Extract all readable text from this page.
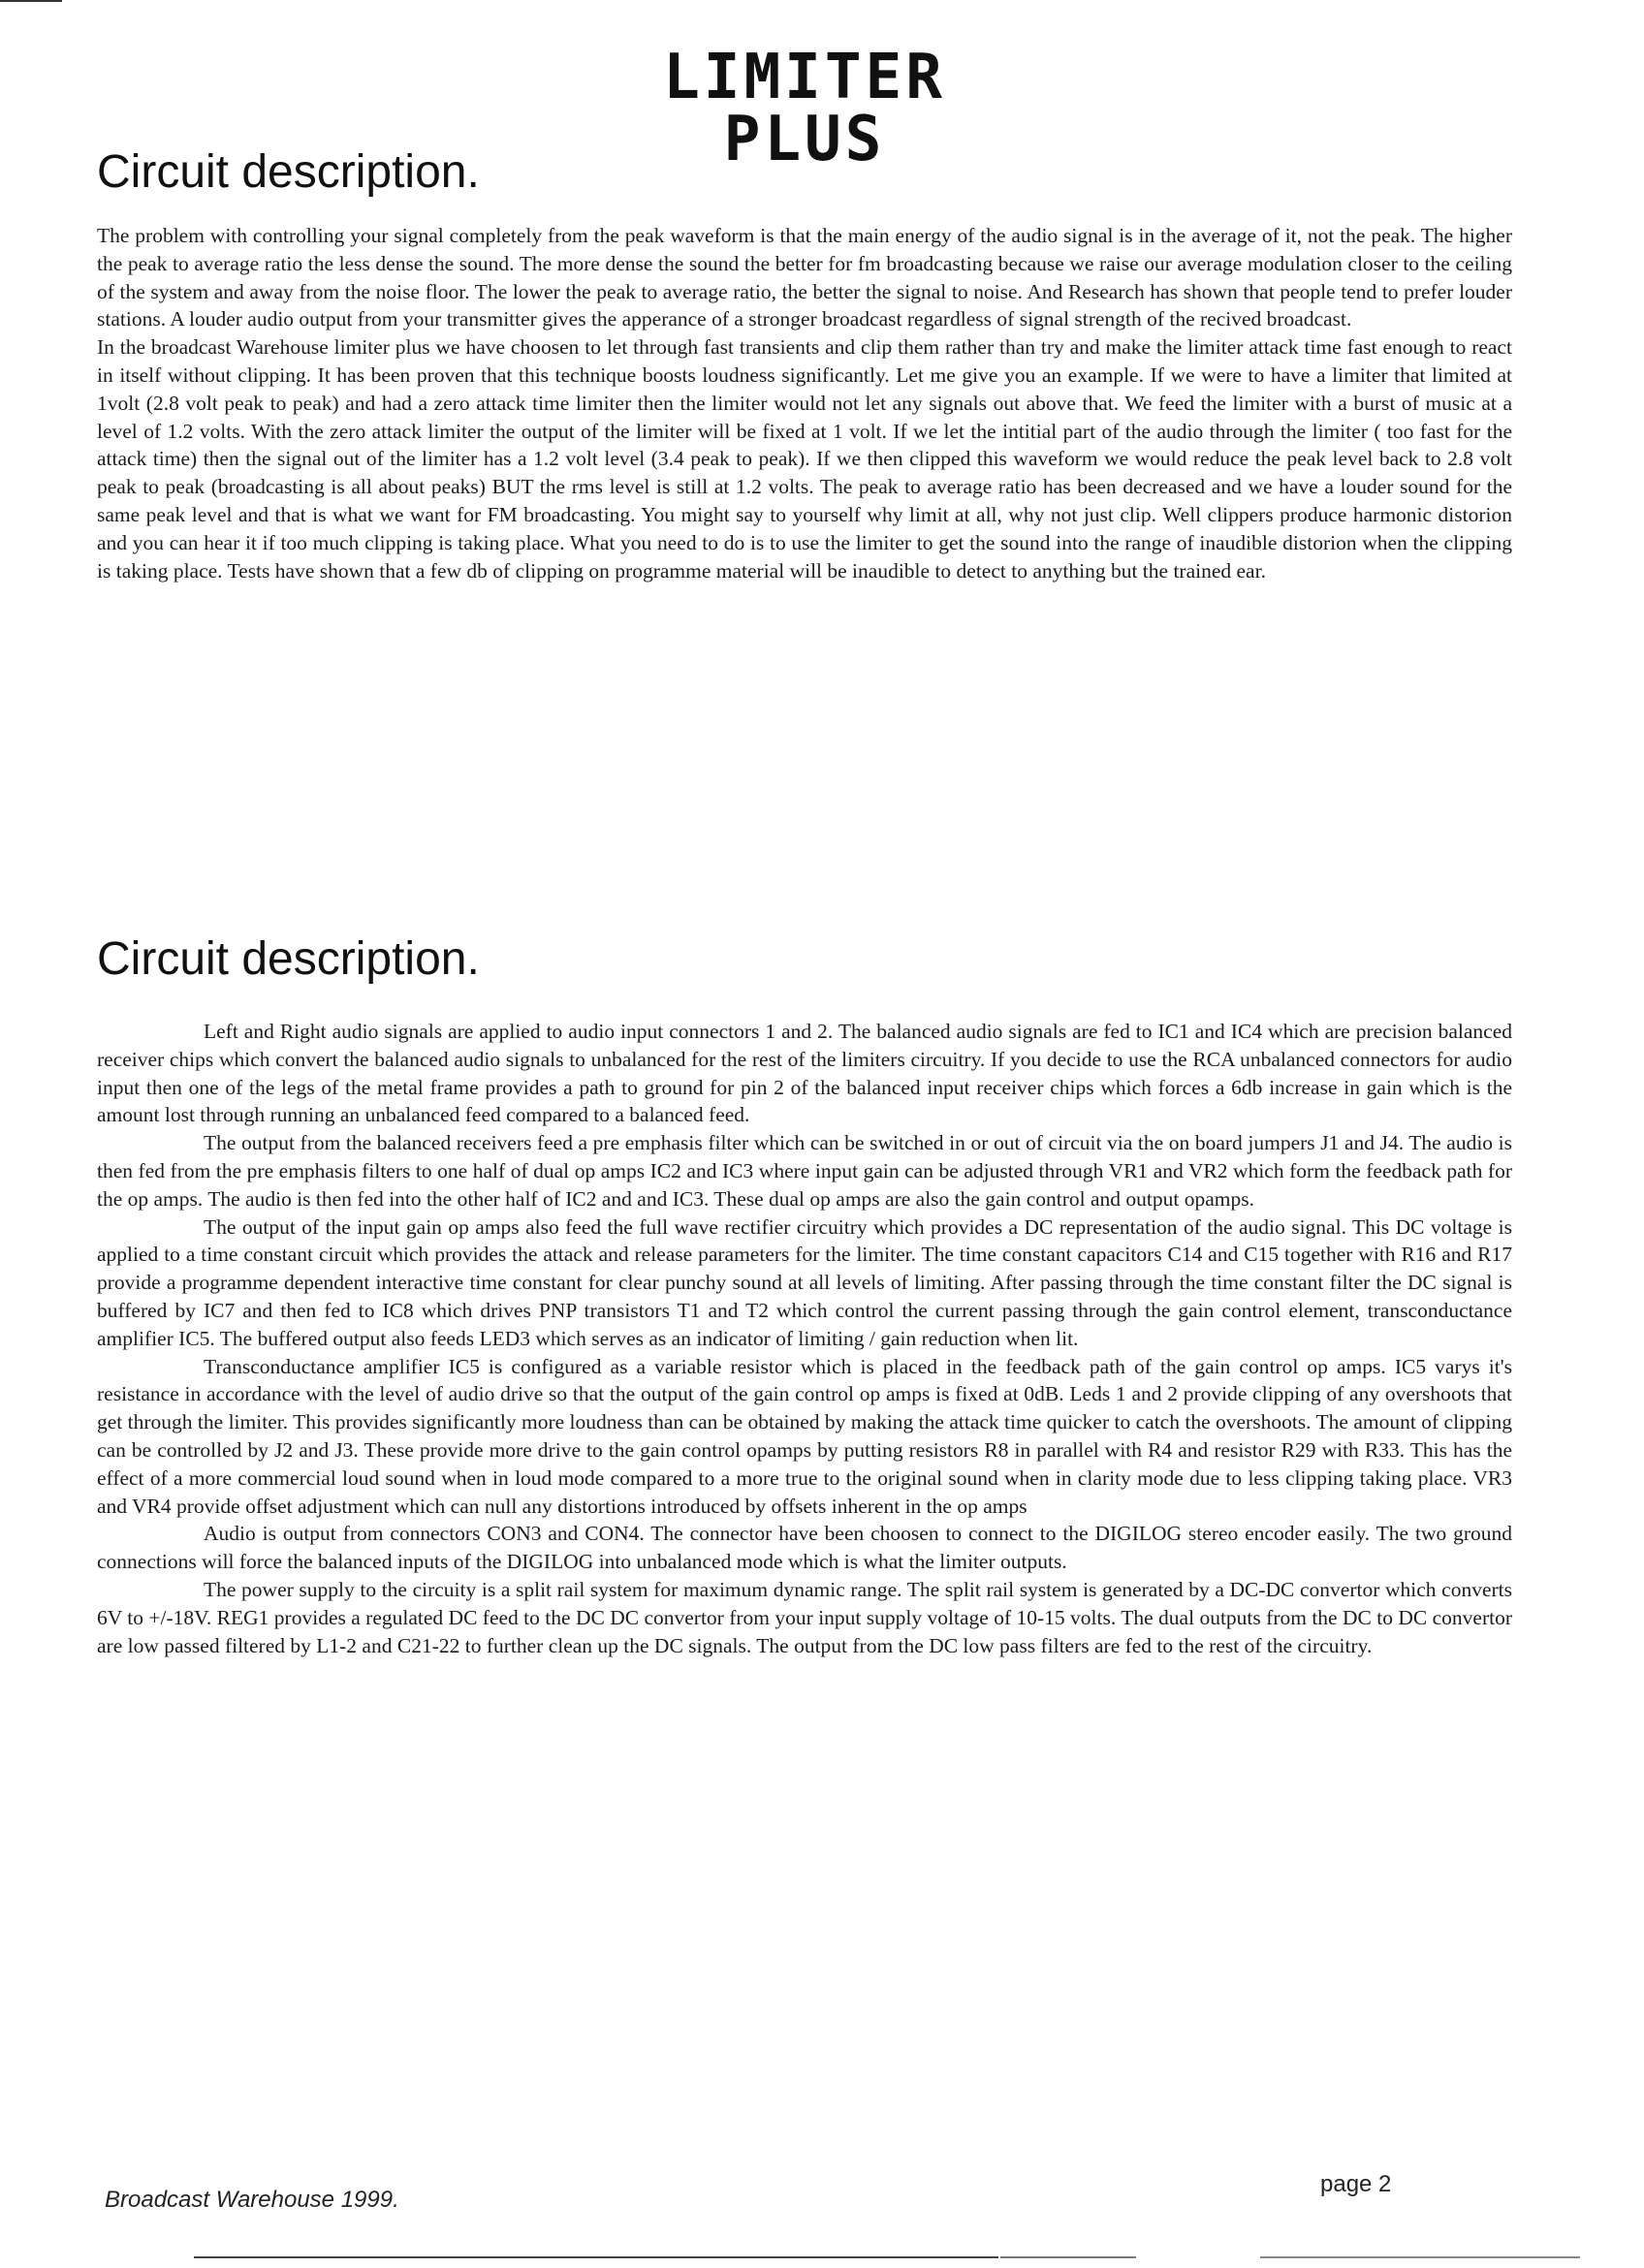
LIMITER PLUS
Circuit description.

The problem with controlling your signal completely from the peak waveform is that the main energy of the audio signal is in the average of it, not the peak. The higher the peak to average ratio the less dense the sound. The more dense the sound the better for fm broadcasting because we raise our average modulation closer to the ceiling of the system and away from the noise floor. The lower the peak to average ratio, the better the signal to noise. And Research has shown that people tend to prefer louder stations. A louder audio output from your transmitter gives the apperance of a stronger broadcast regardless of signal strength of the recived broadcast.

In the broadcast Warehouse limiter plus we have choosen to let through fast transients and clip them rather than try and make the limiter attack time fast enough to react in itself without clipping. It has been proven that this technique boosts loudness significantly. Let me give you an example. If we were to have a limiter that limited at 1volt (2.8 volt peak to peak) and had a zero attack time limiter then the limiter would not let any signals out above that. We feed the limiter with a burst of music at a level of 1.2 volts. With the zero attack limiter the output of the limiter will be fixed at 1 volt. If we let the intitial part of the audio through the limiter ( too fast for the attack time) then the signal out of the limiter has a 1.2 volt level (3.4 peak to peak). If we then clipped this waveform we would reduce the peak level back to 2.8 volt peak to peak (broadcasting is all about peaks) BUT the rms level is still at 1.2 volts. The peak to average ratio has been decreased and we have a louder sound for the same peak level and that is what we want for FM broadcasting. You might say to yourself why limit at all, why not just clip. Well clippers produce harmonic distorion and you can hear it if too much clipping is taking place. What you need to do is to use the limiter to get the sound into the range of inaudible distorion when the clipping is taking place. Tests have shown that a few db of clipping on programme material will be inaudible to detect to anything but the trained ear.

Circuit description.

Left and Right audio signals are applied to audio input connectors 1 and 2. The balanced audio signals are fed to IC1 and IC4 which are precision balanced receiver chips which convert the balanced audio signals to unbalanced for the rest of the limiters circuitry. If you decide to use the RCA unbalanced connectors for audio input then one of the legs of the metal frame provides a path to ground for pin 2 of the balanced input receiver chips which forces a 6db increase in gain which is the amount lost through running an unbalanced feed compared to a balanced feed.

The output from the balanced receivers feed a pre emphasis filter which can be switched in or out of circuit via the on board jumpers J1 and J4. The audio is then fed from the pre emphasis filters to one half of dual op amps IC2 and IC3 where input gain can be adjusted through VR1 and VR2 which form the feedback path for the op amps. The audio is then fed into the other half of IC2 and and IC3. These dual op amps are also the gain control and output opamps.

The output of the input gain op amps also feed the full wave rectifier circuitry which provides a DC representation of the audio signal. This DC voltage is applied to a time constant circuit which provides the attack and release parameters for the limiter. The time constant capacitors C14 and C15 together with R16 and R17 provide a programme dependent interactive time constant for clear punchy sound at all levels of limiting. After passing through the time constant filter the DC signal is buffered by IC7 and then fed to IC8 which drives PNP transistors T1 and T2 which control the current passing through the gain control element, transconductance amplifier IC5. The buffered output also feeds LED3 which serves as an indicator of limiting / gain reduction when lit.

Transconductance amplifier IC5 is configured as a variable resistor which is placed in the feedback path of the gain control op amps. IC5 varys it's resistance in accordance with the level of audio drive so that the output of the gain control op amps is fixed at 0dB. Leds 1 and 2 provide clipping of any overshoots that get through the limiter. This provides significantly more loudness than can be obtained by making the attack time quicker to catch the overshoots. The amount of clipping can be controlled by J2 and J3. These provide more drive to the gain control opamps by putting resistors R8 in parallel with R4 and resistor R29 with R33. This has the effect of a more commercial loud sound when in loud mode compared to a more true to the original sound when in clarity mode due to less clipping taking place. VR3 and VR4 provide offset adjustment which can null any distortions introduced by offsets inherent in the op amps

Audio is output from connectors CON3 and CON4. The connector have been choosen to connect to the DIGILOG stereo encoder easily. The two ground connections will force the balanced inputs of the DIGILOG into unbalanced mode which is what the limiter outputs.

The power supply to the circuity is a split rail system for maximum dynamic range. The split rail system is generated by a DC-DC convertor which converts 6V to +/-18V. REG1 provides a regulated DC feed to the DC DC convertor from your input supply voltage of 10-15 volts. The dual outputs from the DC to DC convertor are low passed filtered by L1-2 and C21-22 to further clean up the DC signals. The output from the DC low pass filters are fed to the rest of the circuitry.

Broadcast Warehouse 1999.
page 2
